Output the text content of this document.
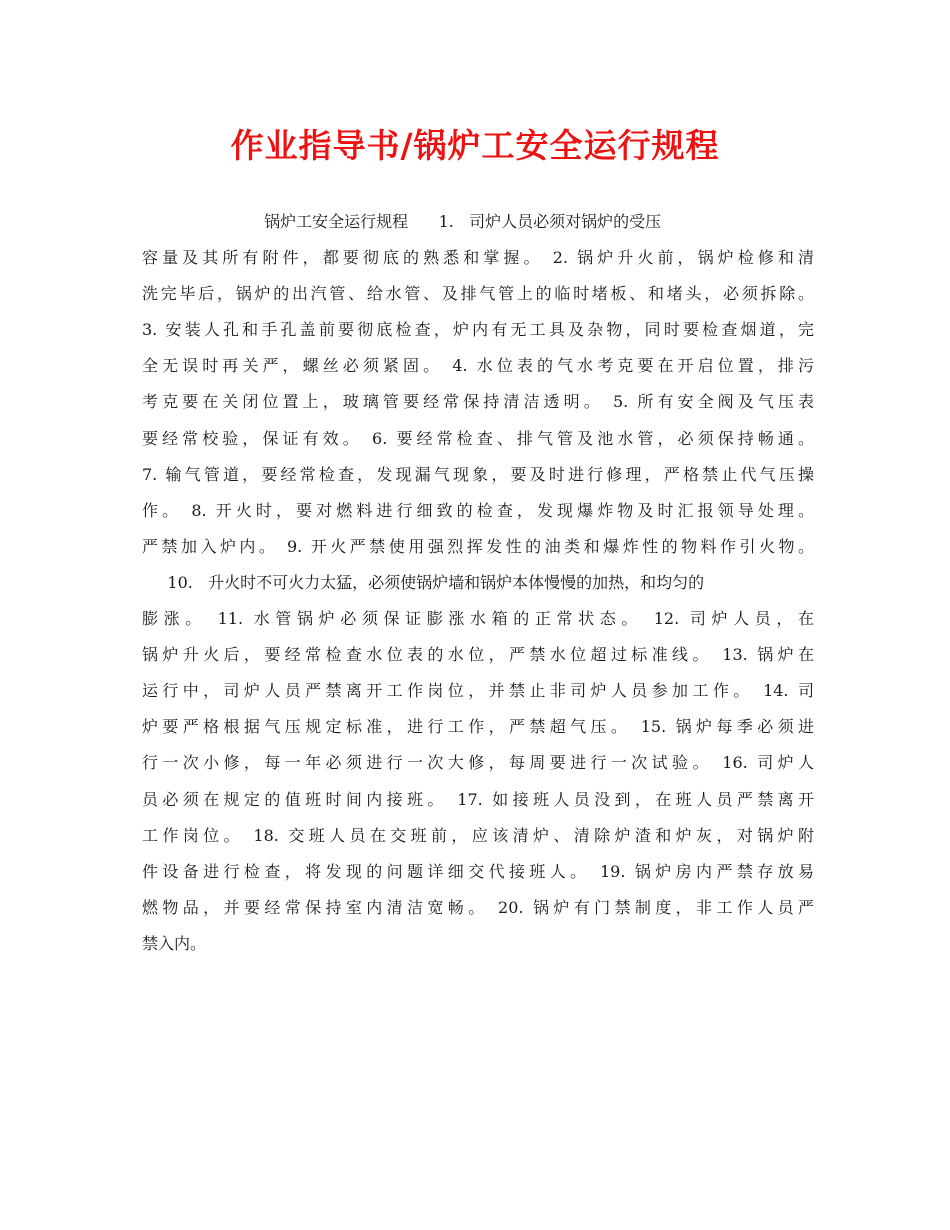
作业指导书/锅炉工安全运行规程
锅炉工安全运行规程      1.   司炉人员必须对锅炉的受压
容量及其所有附件，都要彻底的熟悉和掌握。 2. 锅炉升火前，锅炉检修和清
洗完毕后，锅炉的出汽管、给水管、及排气管上的临时堵板、和堵头，必须拆除。
3. 安装人孔和手孔盖前要彻底检查，炉内有无工具及杂物，同时要检查烟道，完
全无误时再关严，螺丝必须紧固。 4. 水位表的气水考克要在开启位置，排污
考克要在关闭位置上，玻璃管要经常保持清洁透明。 5. 所有安全阀及气压表
要经常校验，保证有效。 6. 要经常检查、排气管及池水管，必须保持畅通。
7. 输气管道，要经常检查，发现漏气现象，要及时进行修理，严格禁止代气压操
作。 8. 开火时，要对燃料进行细致的检查，发现爆炸物及时汇报领导处理。
严禁加入炉内。 9. 开火严禁使用强烈挥发性的油类和爆炸性的物料作引火物。
10.   升火时不可火力太猛，必须使锅炉墙和锅炉本体慢慢的加热，和均匀的
膨涨。 11. 水管锅炉必须保证膨涨水箱的正常状态。 12. 司炉人员，在
锅炉升火后，要经常检查水位表的水位，严禁水位超过标准线。 13. 锅炉在
运行中，司炉人员严禁离开工作岗位，并禁止非司炉人员参加工作。 14. 司
炉要严格根据气压规定标准，进行工作，严禁超气压。 15. 锅炉每季必须进
行一次小修，每一年必须进行一次大修，每周要进行一次试验。 16. 司炉人
员必须在规定的值班时间内接班。 17. 如接班人员没到，在班人员严禁离开
工作岗位。 18. 交班人员在交班前，应该清炉、清除炉渣和炉灰，对锅炉附
件设备进行检查，将发现的问题详细交代接班人。 19. 锅炉房内严禁存放易
燃物品，并要经常保持室内清洁宽畅。 20. 锅炉有门禁制度，非工作人员严
禁入内。
